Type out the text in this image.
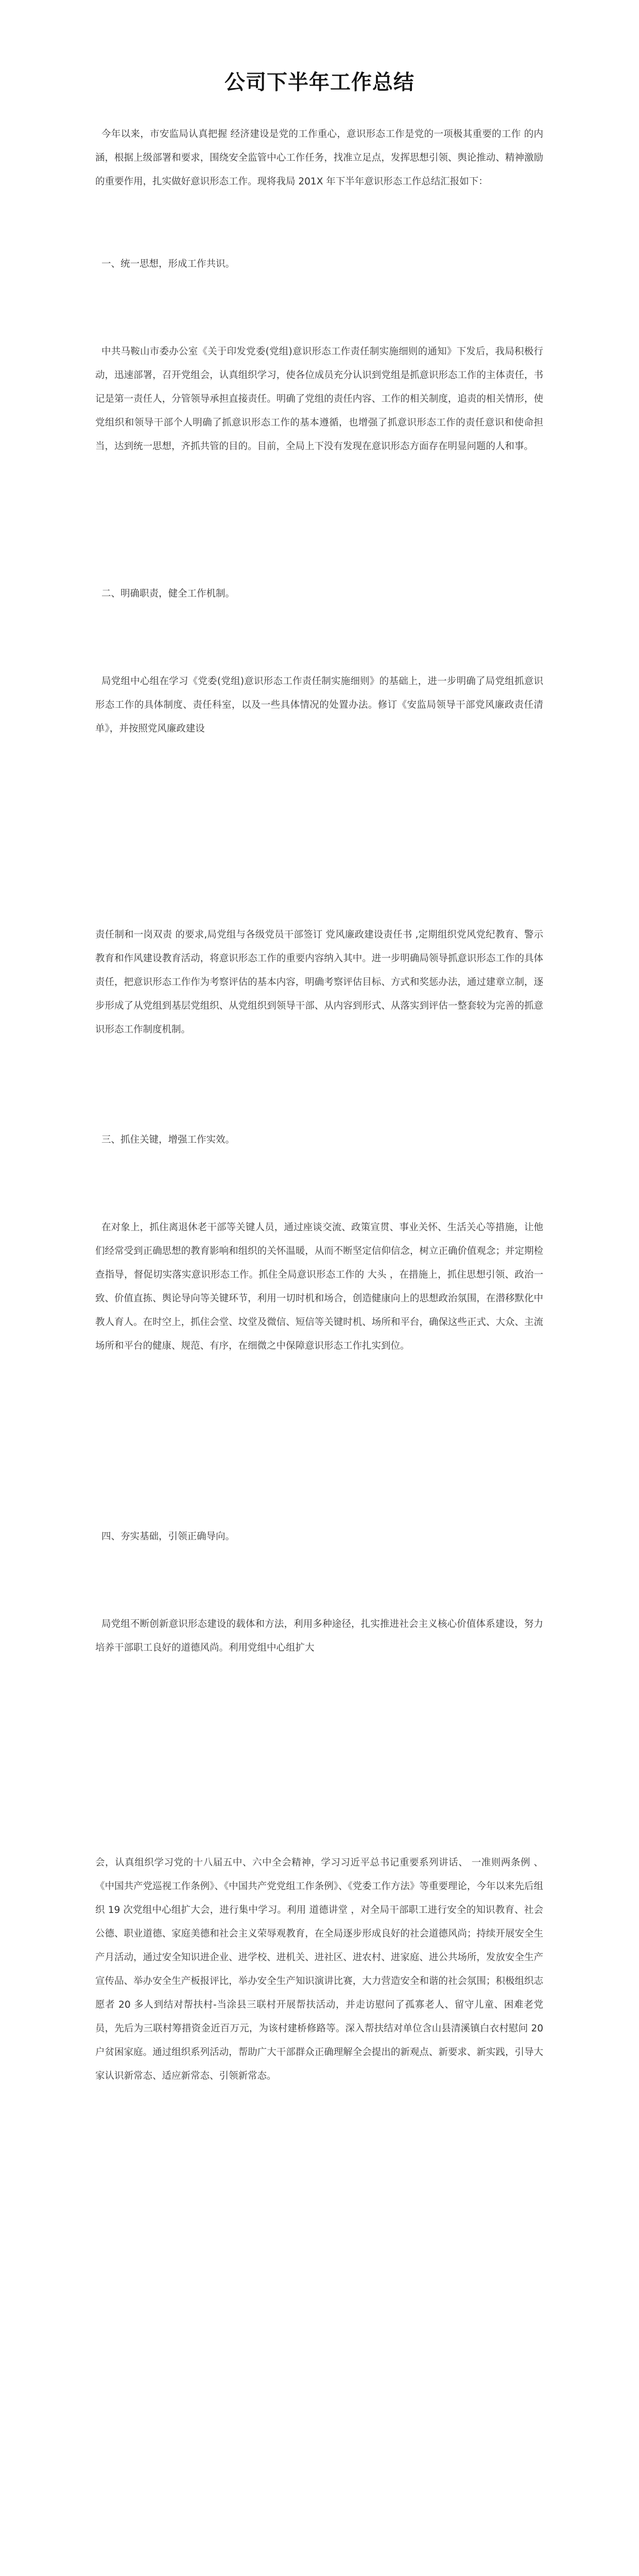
公司下半年工作总结
今年以来，市安监局认真把握 经济建设是党的工作重心，意识形态工作是党的一项极其重要的工作 的内涵，根据上级部署和要求，围绕安全监管中心工作任务，找准立足点，发挥思想引领、舆论推动、精神激励的重要作用，扎实做好意识形态工作。现将我局 201X 年下半年意识形态工作总结汇报如下：
一、统一思想，形成工作共识。
中共马鞍山市委办公室《关于印发党委(党组)意识形态工作责任制实施细则的通知》下发后，我局积极行动，迅速部署，召开党组会，认真组织学习，使各位成员充分认识到党组是抓意识形态工作的主体责任，书记是第一责任人，分管领导承担直接责任。明确了党组的责任内容、工作的相关制度，追责的相关情形，使党组织和领导干部个人明确了抓意识形态工作的基本遵循，也增强了抓意识形态工作的责任意识和使命担当，达到统一思想，齐抓共管的目的。目前，全局上下没有发现在意识形态方面存在明显问题的人和事。
二、明确职责，健全工作机制。
局党组中心组在学习《党委(党组)意识形态工作责任制实施细则》的基础上，进一步明确了局党组抓意识形态工作的具体制度、责任科室，以及一些具体情况的处置办法。修订《安监局领导干部党风廉政责任清单》，并按照党风廉政建设
责任制和一岗双责 的要求,局党组与各级党员干部签订 党风廉政建设责任书 ,定期组织党风党纪教育、警示教育和作风建设教育活动，将意识形态工作的重要内容纳入其中。进一步明确局领导抓意识形态工作的具体责任，把意识形态工作作为考察评估的基本内容，明确考察评估目标、方式和奖惩办法，通过建章立制，逐步形成了从党组到基层党组织、从党组织到领导干部、从内容到形式、从落实到评估一整套较为完善的抓意识形态工作制度机制。
三、抓住关键，增强工作实效。
在对象上，抓住离退休老干部等关键人员，通过座谈交流、政策宣贯、事业关怀、生活关心等措施，让他们经常受到正确思想的教育影响和组织的关怀温暖，从而不断坚定信仰信念，树立正确价值观念；并定期检查指导，督促切实落实意识形态工作。抓住全局意识形态工作的 大头 ，在措施上，抓住思想引领、政治一致、价值直拣、舆论导向等关键环节，利用一切时机和场合，创造健康向上的思想政治氛围，在潜移默化中教人育人。在时空上，抓住会堂、坟堂及微信、短信等关键时机、场所和平台，确保这些正式、大众、主流场所和平台的健康、规范、有序，在细微之中保障意识形态工作扎实到位。
四、夯实基础，引领正确导向。
局党组不断创新意识形态建设的载体和方法，利用多种途径，扎实推进社会主义核心价值体系建设，努力培养干部职工良好的道德风尚。利用党组中心组扩大
会，认真组织学习党的十八届五中、六中全会精神，学习习近平总书记重要系列讲话、 一准则两条例 、《中国共产党巡视工作条例》、《中国共产党党组工作条例》、《党委工作方法》等重要理论，今年以来先后组织 19 次党组中心组扩大会，进行集中学习。利用 道德讲堂 ，对全局干部职工进行安全的知识教育、社会公德、职业道德、家庭美德和社会主义荣辱观教育，在全局逐步形成良好的社会道德风尚；持续开展安全生产月活动，通过安全知识进企业、进学校、进机关、进社区、进农村、进家庭、进公共场所，发放安全生产宣传品、举办安全生产板报评比，举办安全生产知识演讲比赛，大力营造安全和谐的社会氛围；积极组织志愿者 20 多人到结对帮扶村-当涂县三联村开展帮扶活动，并走访慰问了孤寡老人、留守儿童、困难老党员，先后为三联村筹措资金近百万元，为该村建桥修路等。深入帮扶结对单位含山县清溪镇白衣村慰问 20 户贫困家庭。通过组织系列活动，帮助广大干部群众正确理解全会提出的新观点、新要求、新实践，引导大家认识新常态、适应新常态、引领新常态。
